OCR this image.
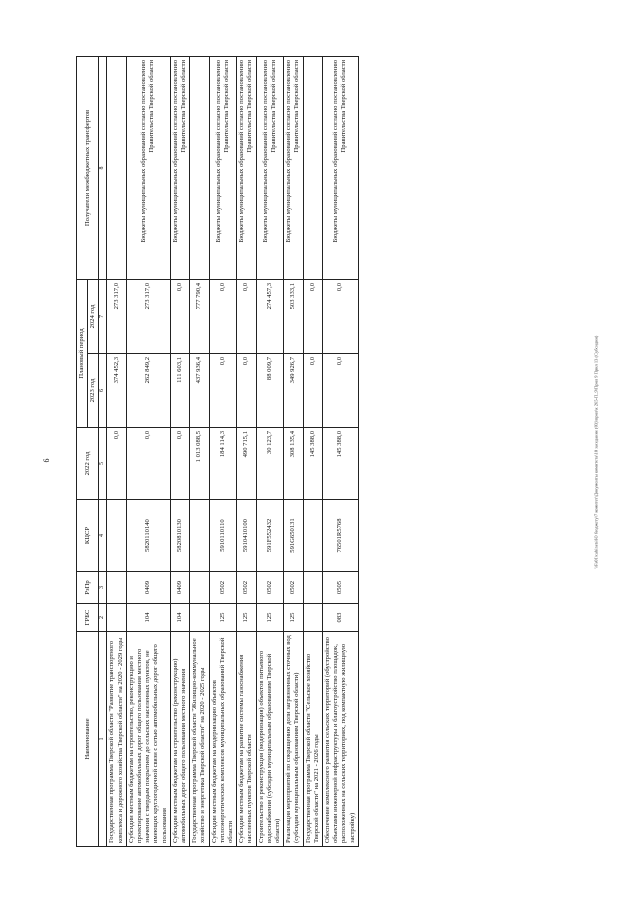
9	\\Fs01\cabinets\Ю бюджету\7 комитет\Документы комитета\10 заседание (03)\прил\к 265-П_9\Прил 9 Прил 13 (Субсидии)
Наименование	ГРБС	РзПр	КЦСР	2022 год	Плановый период		Получатели межбюджетных трансфертов
					2023 год	2024 год	
1	2	3	4	5	6	7	8
Государственная программа Тверской области "Развитие транспортного комплекса и дорожного хозяйства Тверской области" на 2020 - 2029 годы				0,0	374 452,3	273 317,0	
Субсидии местным бюджетам на строительство, реконструкцию и проектирование автомобильных дорог общего пользования местного значения с твердым покрытием до сельских населенных пунктов, не имеющих круглогодичной связи с сетью автомобильных дорог общего пользования	104	0409	5820110140	0,0	262 849,2	273 317,0	Бюджеты муниципальных образований согласно постановлению Правительства Тверской области
Субсидии местным бюджетам на строительство (реконструкцию) автомобильных дорог общего пользования местного значения	104	0409	5820810130	0,0	111 603,1	0,0	Бюджеты муниципальных образований согласно постановлению Правительства Тверской области
Государственная программа Тверской области "Жилищно-коммунальное хозяйство и энергетика Тверской области" на 2020 - 2025 годы				1 013 088,5	437 936,4	777 790,4	
Субсидии местным бюджетам на модернизацию объектов теплоэнергетических комплексов муниципальных образований Тверской области	125	0502	5910110110	184 114,3	0,0	0,0	Бюджеты муниципальных образований согласно постановлению Правительства Тверской области
Субсидии местным бюджетам на развитие системы газоснабжения населенных пунктов Тверской области	125	0502	5910410100	490 715,1	0,0	0,0	Бюджеты муниципальных образований согласно постановлению Правительства Тверской области
Строительство и реконструкция (модернизация) объектов питьевого водоснабжения (субсидии муниципальным образованиям Тверской области)	125	0502	591F552432	30 123,7	88 009,7	274 457,3	Бюджеты муниципальных образований согласно постановлению Правительства Тверской области
Реализация мероприятий по сокращению доли загрязненных сточных вод (субсидии муниципальным образованиям Тверской области)	125	0502	591G650131	308 135,4	349 926,7	503 333,1	Бюджеты муниципальных образований согласно постановлению Правительства Тверской области
Государственная программа Тверской области "Сельское хозяйство Тверской области" на 2021 - 2026 годы				145 388,0	0,0	0,0	
Обеспечение комплексного развития сельских территорий (обустройство объектами инженерной инфраструктуры и благоустройство площадок, расположенных на сельских территориях, под компактную жилищную застройку)	083	0505	76501R5768	145 388,0	0,0	0,0	Бюджеты муниципальных образований согласно постановлению Правительства Тверской области
